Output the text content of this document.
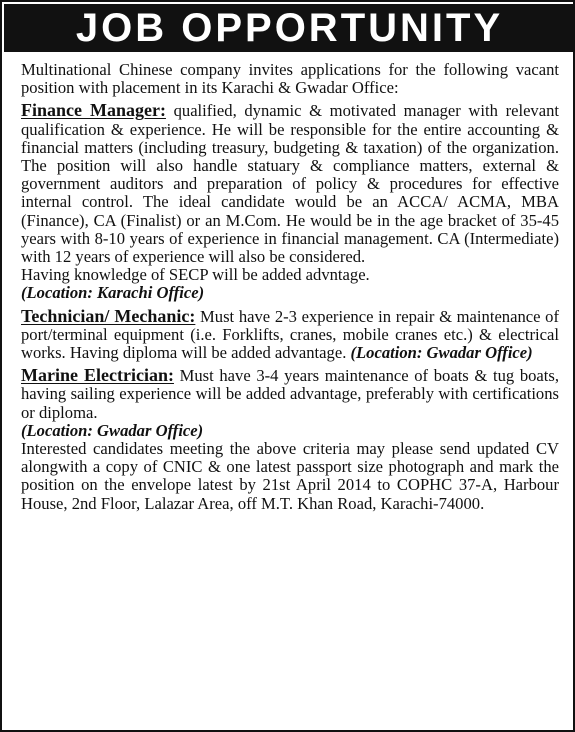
JOB OPPORTUNITY

Multinational Chinese company invites applications for the following vacant position with placement in its Karachi & Gwadar Office:

Finance Manager: qualified, dynamic & motivated manager with relevant qualification & experience. He will be responsible for the entire accounting & financial matters (including treasury, budgeting & taxation) of the organization. The position will also handle statuary & compliance matters, external & government auditors and preparation of policy & procedures for effective internal control. The ideal candidate would be an ACCA/ ACMA, MBA (Finance), CA (Finalist) or an M.Com. He would be in the age bracket of 35-45 years with 8-10 years of experience in financial management. CA (Intermediate) with 12 years of experience will also be considered.

Having knowledge of SECP will be added advntage.

(Location: Karachi Office)

Technician/ Mechanic: Must have 2-3 experience in repair & maintenance of port/terminal equipment (i.e. Forklifts, cranes, mobile cranes etc.) & electrical works. Having diploma will be added advantage. (Location: Gwadar Office)

Marine Electrician: Must have 3-4 years maintenance of boats & tug boats, having sailing experience will be added advantage, preferably with certifications or diploma.

(Location: Gwadar Office)

Interested candidates meeting the above criteria may please send updated CV alongwith a copy of CNIC & one latest passport size photograph and mark the position on the envelope latest by 21st April 2014 to COPHC 37-A, Harbour House, 2nd Floor, Lalazar Area, off M.T. Khan Road, Karachi-74000.
